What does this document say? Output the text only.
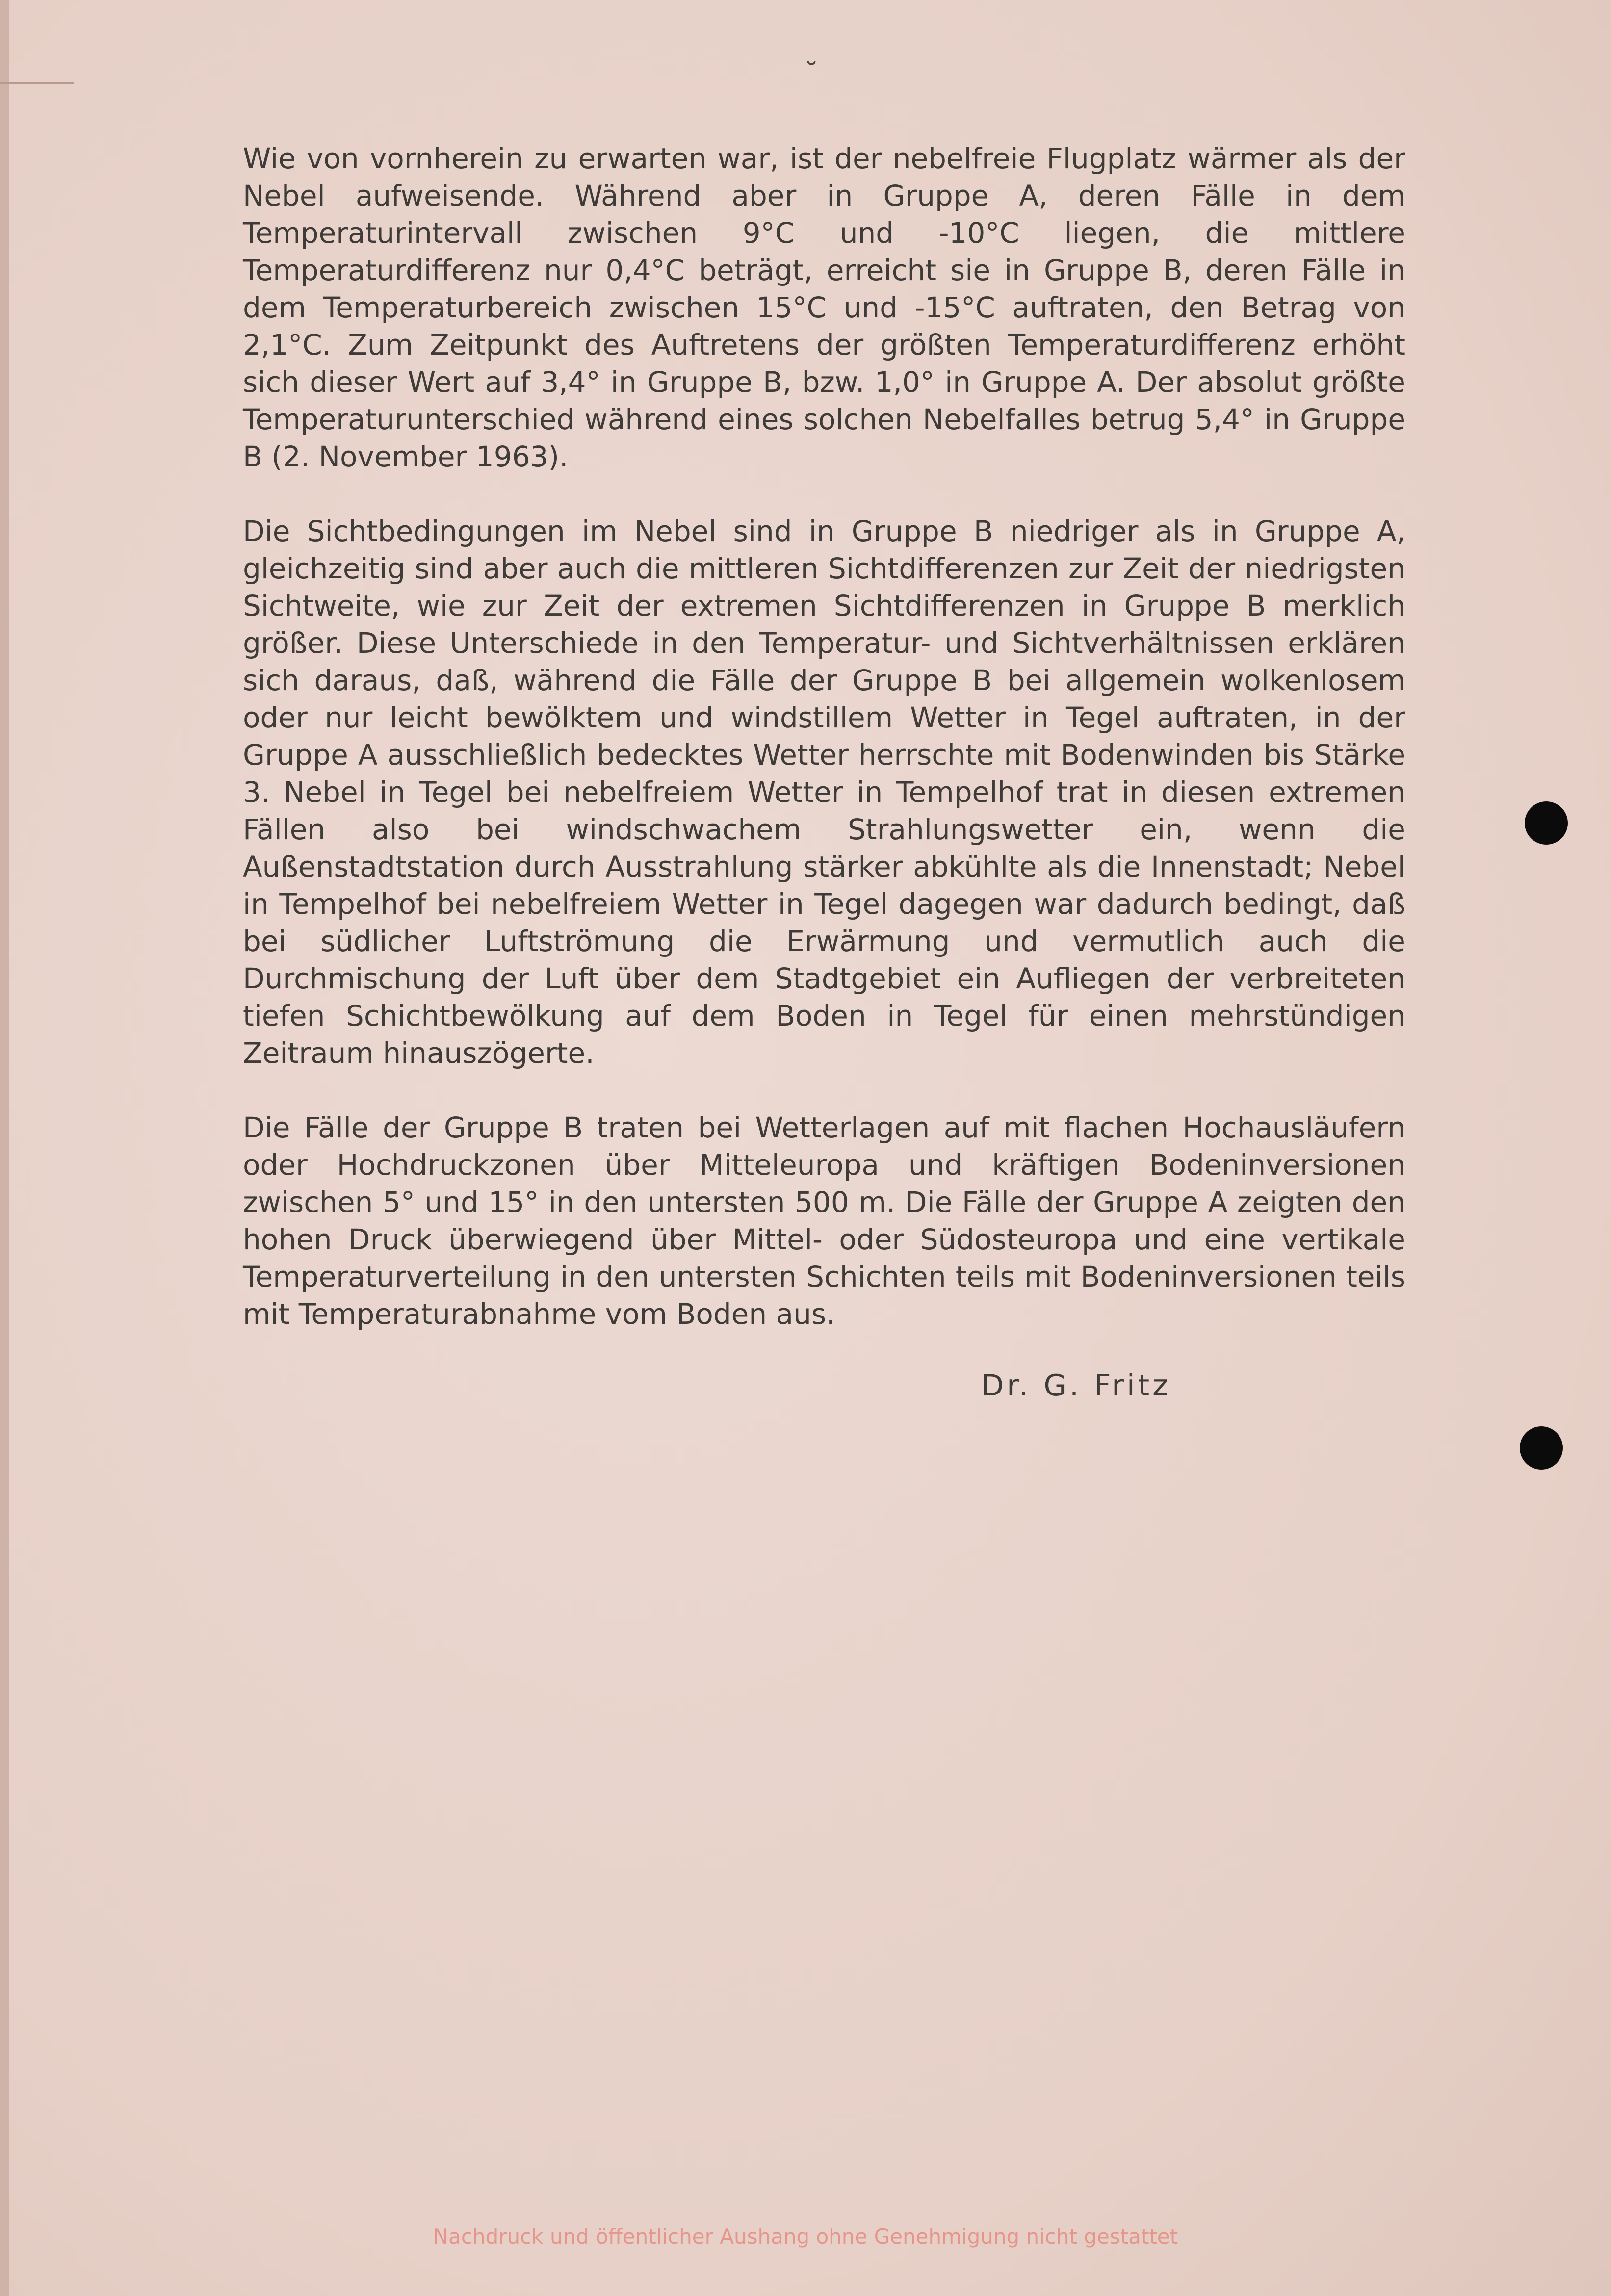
˘

Wie von vornherein zu erwarten war, ist der nebelfreie Flugplatz wärmer als der Nebel aufweisende. Während aber in Gruppe A, deren Fälle in dem Temperaturintervall zwischen 9°C und -10°C liegen, die mittlere Temperaturdifferenz nur 0,4°C beträgt, erreicht sie in Gruppe B, deren Fälle in dem Temperaturbereich zwischen 15°C und -15°C auftraten, den Betrag von 2,1°C. Zum Zeitpunkt des Auftretens der größten Temperaturdifferenz erhöht sich dieser Wert auf 3,4° in Gruppe B, bzw. 1,0° in Gruppe A. Der absolut größte Temperaturunterschied während eines solchen Nebelfalles betrug 5,4° in Gruppe B (2. November 1963).

Die Sichtbedingungen im Nebel sind in Gruppe B niedriger als in Gruppe A, gleichzeitig sind aber auch die mittleren Sichtdifferenzen zur Zeit der niedrigsten Sichtweite, wie zur Zeit der extremen Sichtdifferenzen in Gruppe B merklich größer. Diese Unterschiede in den Temperatur- und Sichtverhältnissen erklären sich daraus, daß, während die Fälle der Gruppe B bei allgemein wolkenlosem oder nur leicht bewölktem und windstillem Wetter in Tegel auftraten, in der Gruppe A ausschließlich bedecktes Wetter herrschte mit Bodenwinden bis Stärke 3. Nebel in Tegel bei nebelfreiem Wetter in Tempelhof trat in diesen extremen Fällen also bei windschwachem Strahlungswetter ein, wenn die Außenstadtstation durch Ausstrahlung stärker abkühlte als die Innenstadt; Nebel in Tempelhof bei nebelfreiem Wetter in Tegel dagegen war dadurch bedingt, daß bei südlicher Luftströmung die Erwärmung und vermutlich auch die Durchmischung der Luft über dem Stadtgebiet ein Aufliegen der verbreiteten tiefen Schichtbewölkung auf dem Boden in Tegel für einen mehrstündigen Zeitraum hinauszögerte.

Die Fälle der Gruppe B traten bei Wetterlagen auf mit flachen Hochausläufern oder Hochdruckzonen über Mitteleuropa und kräftigen Bodeninversionen zwischen 5° und 15° in den untersten 500 m. Die Fälle der Gruppe A zeigten den hohen Druck überwiegend über Mittel- oder Südosteuropa und eine vertikale Temperaturverteilung in den untersten Schichten teils mit Bodeninversionen teils mit Temperaturabnahme vom Boden aus.

Dr. G. Fritz
Nachdruck und öffentlicher Aushang ohne Genehmigung nicht gestattet
